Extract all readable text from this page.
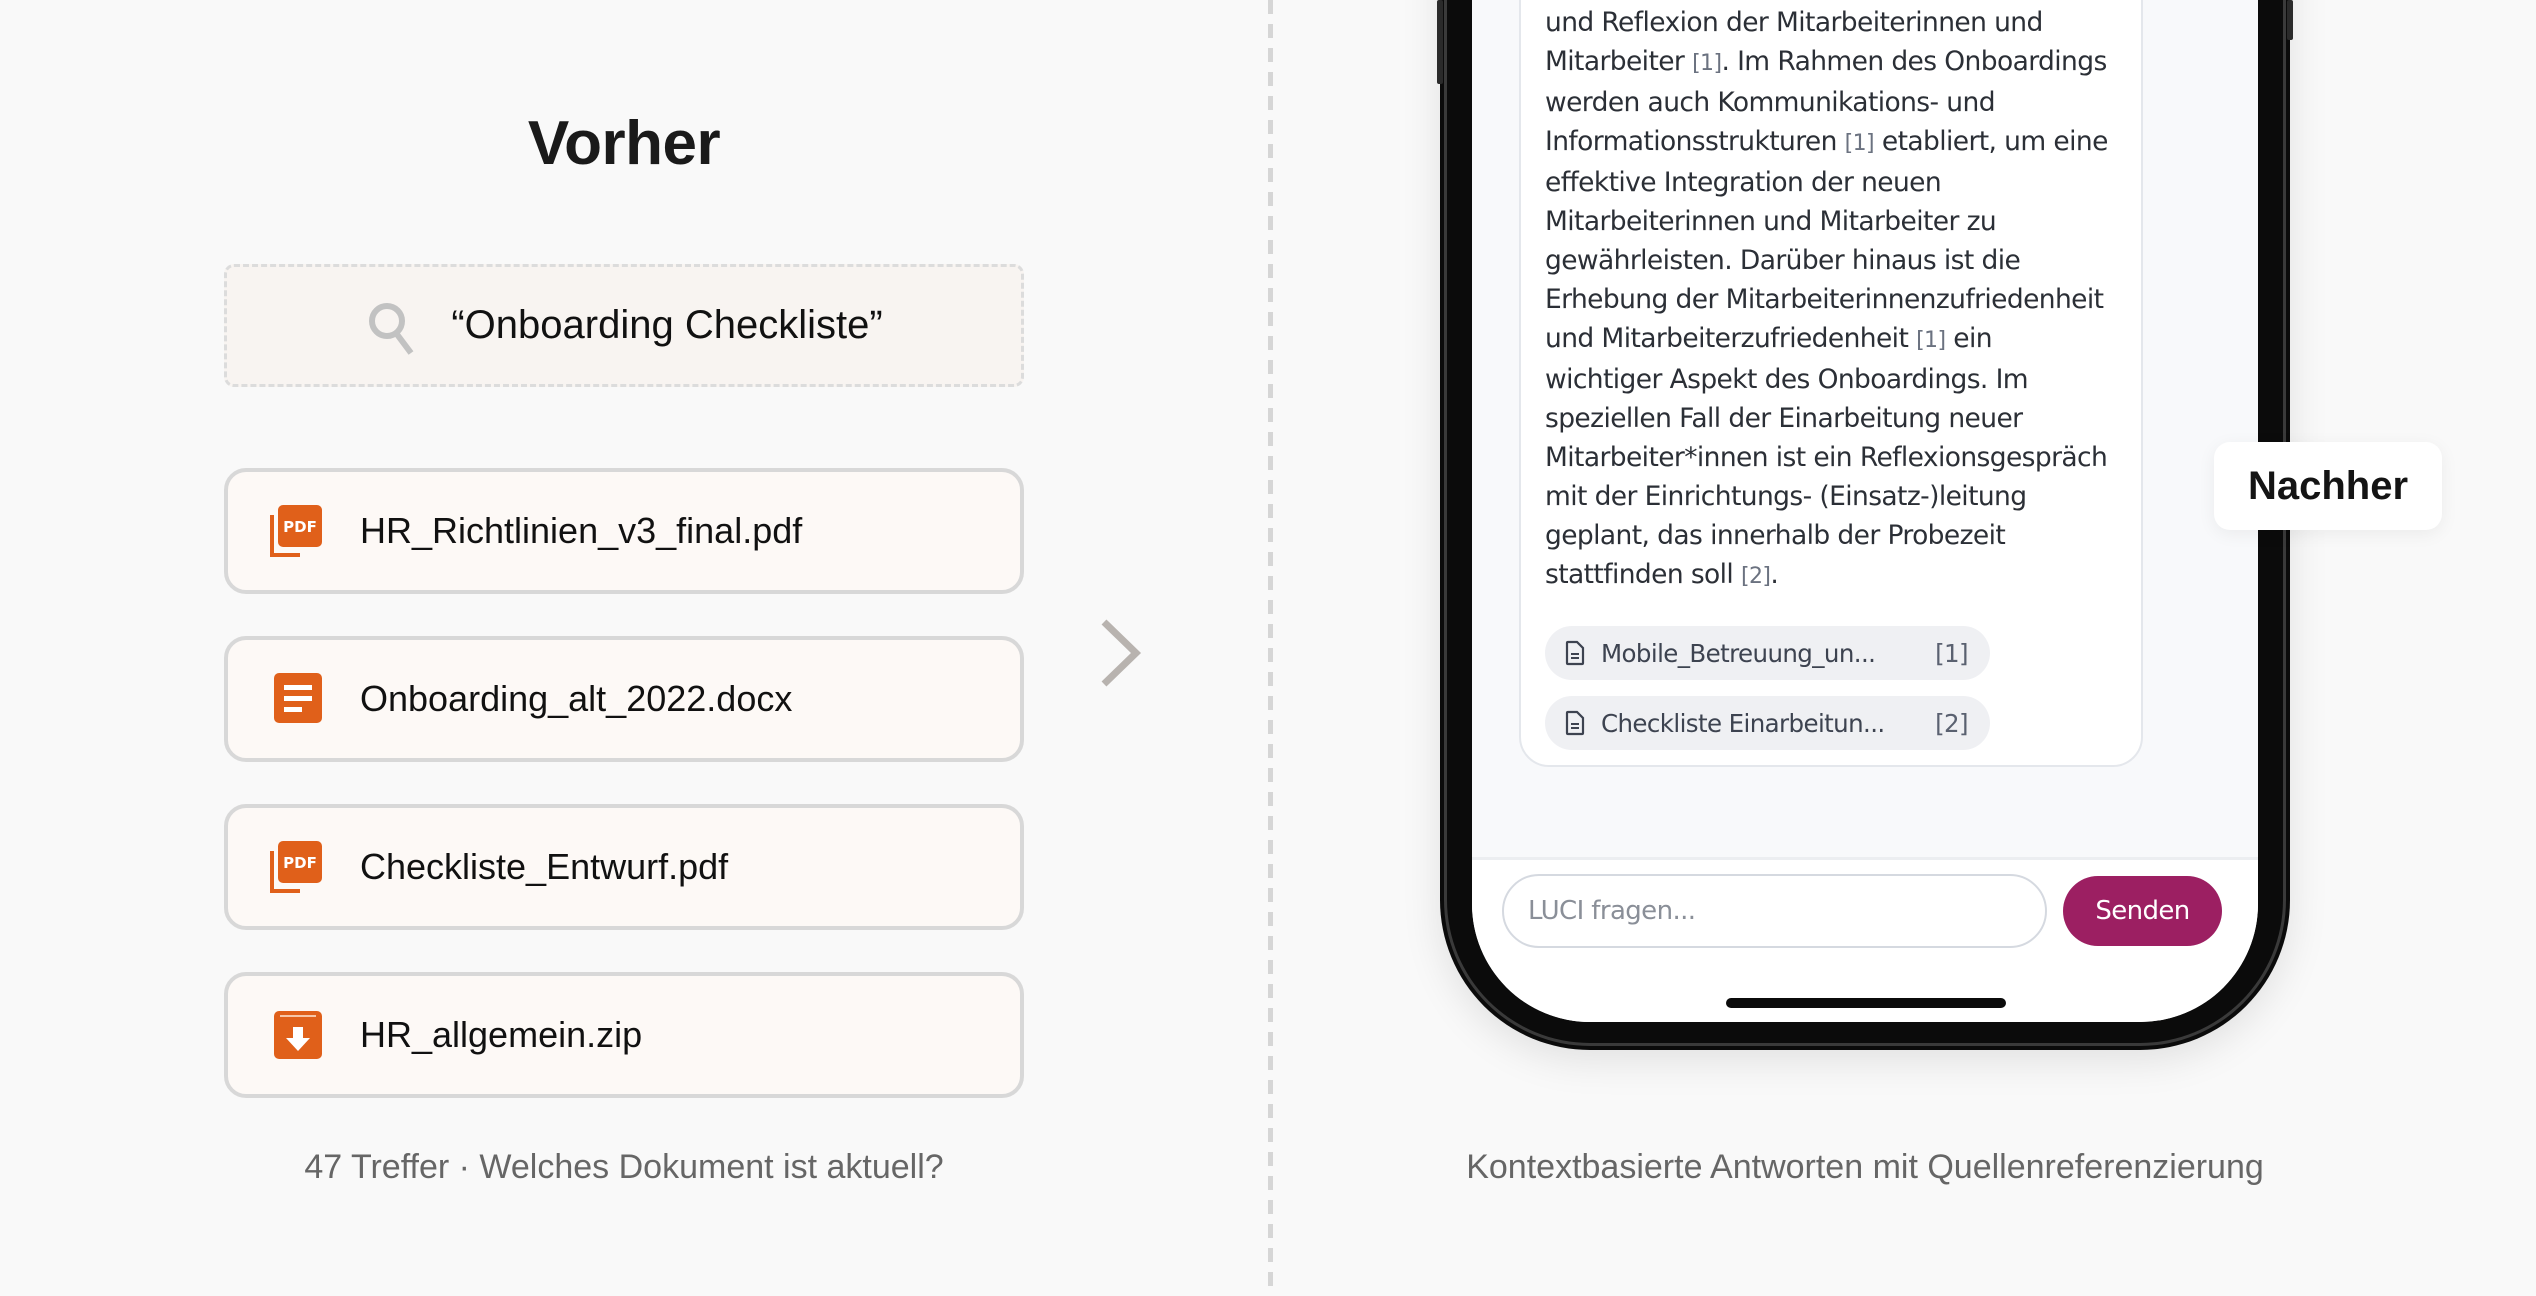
Vorher
“Onboarding Checkliste”
PDF HR_Richtlinien_v3_final.pdf
Onboarding_alt_2022.docx
PDF Checkliste_Entwurf.pdf
HR_allgemein.zip
47 Treffer · Welches Dokument ist aktuell?
und Reflexion der Mitarbeiterinnen und
Mitarbeiter [1]. Im Rahmen des Onboardings
werden auch Kommunikations- und
Informationsstrukturen [1] etabliert, um eine
effektive Integration der neuen
Mitarbeiterinnen und Mitarbeiter zu
gewährleisten. Darüber hinaus ist die
Erhebung der Mitarbeiterinnenzufriedenheit
und Mitarbeiterzufriedenheit [1] ein
wichtiger Aspekt des Onboardings. Im
speziellen Fall der Einarbeitung neuer
Mitarbeiter*innen ist ein Reflexionsgespräch
mit der Einrichtungs- (Einsatz-)leitung
geplant, das innerhalb der Probezeit
stattfinden soll [2].
Mobile_Betreuung_un... [1]
Checkliste Einarbeitun... [2]
LUCI fragen...
Senden
Nachher
Kontextbasierte Antworten mit Quellenreferenzierung
